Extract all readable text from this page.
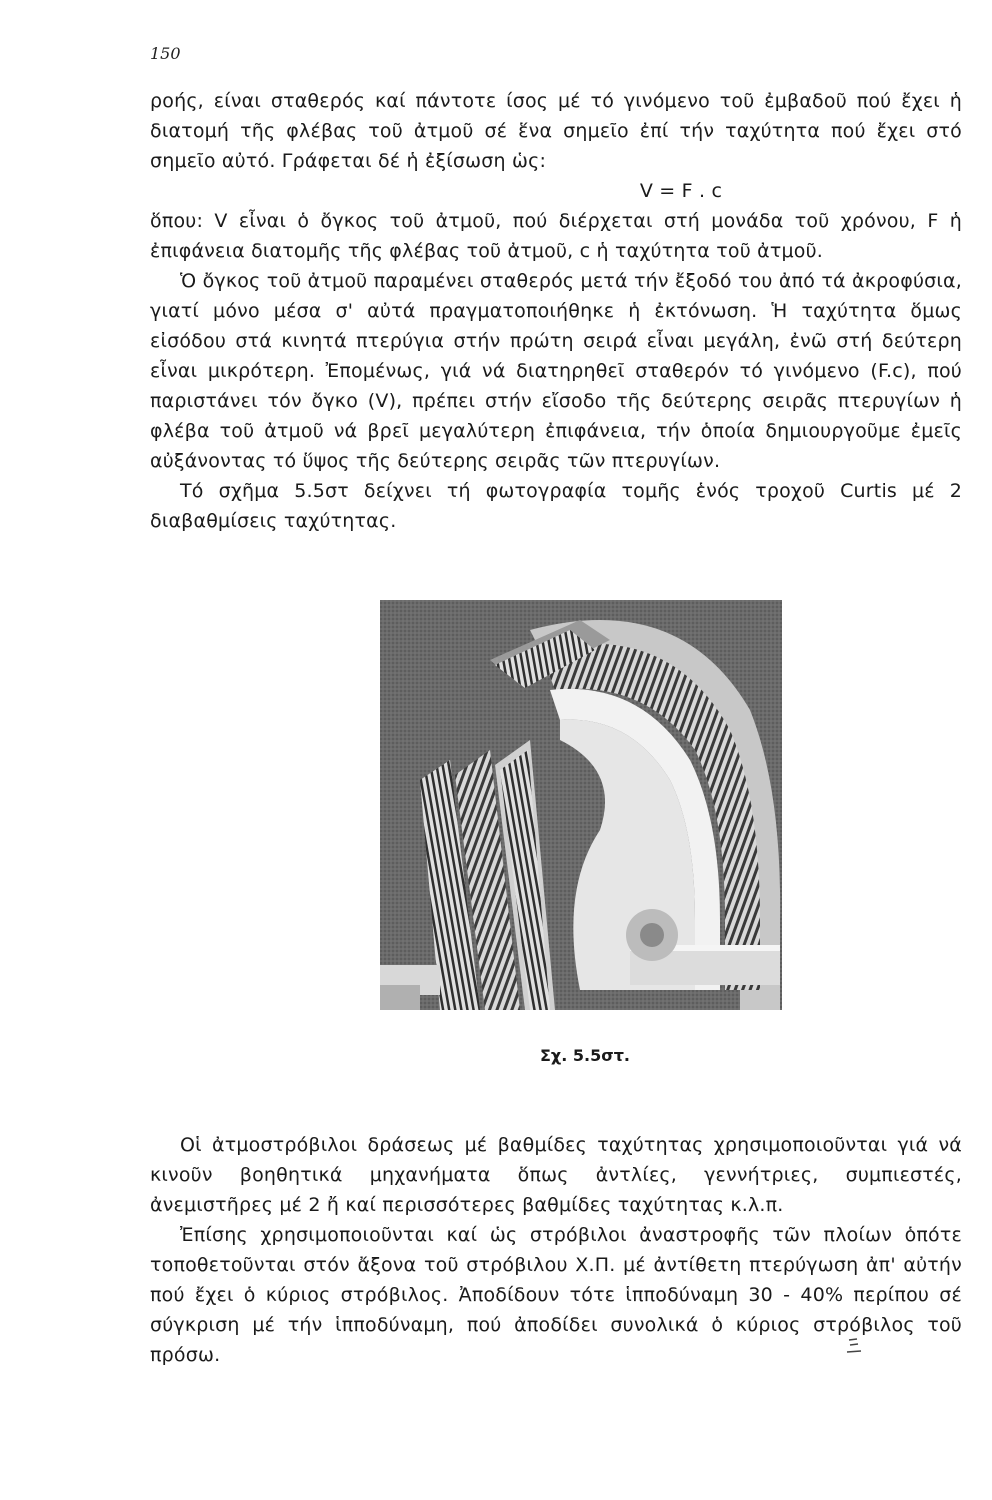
150

ροής, είναι σταθερός καί πάντοτε ίσος μέ τό γινόμενο τοῦ ἐμβαδοῦ πού ἔχει ἡ διατομή τῆς φλέβας τοῦ ἀτμοῦ σέ ἕνα σημεῖο ἐπί τήν ταχύτητα πού ἔχει στό σημεῖο αὐτό. Γράφεται δέ ἡ ἐξίσωση ὡς:

V = F . c

ὅπου: V εἶναι ὁ ὄγκος τοῦ ἀτμοῦ, πού διέρχεται στή μονάδα τοῦ χρόνου, F ἡ ἐπιφάνεια διατομῆς τῆς φλέβας τοῦ ἀτμοῦ, c ἡ ταχύτητα τοῦ ἀτμοῦ.

Ὁ ὄγκος τοῦ ἀτμοῦ παραμένει σταθερός μετά τήν ἔξοδό του ἀπό τά ἀκροφύσια, γιατί μόνο μέσα σ' αὐτά πραγματοποιήθηκε ἡ ἐκτόνωση. Ἡ ταχύτητα ὅμως εἰσόδου στά κινητά πτερύγια στήν πρώτη σειρά εἶναι μεγάλη, ἐνῶ στή δεύτερη εἶναι μικρότερη. Ἐπομένως, γιά νά διατηρηθεῖ σταθερόν τό γινόμενο (F.c), πού παριστάνει τόν ὄγκο (V), πρέπει στήν εἴσοδο τῆς δεύτερης σειρᾶς πτερυγίων ἡ φλέβα τοῦ ἀτμοῦ νά βρεῖ μεγαλύτερη ἐπιφάνεια, τήν ὁποία δημιουργοῦμε ἐμεῖς αὐξάνοντας τό ὕψος τῆς δεύτερης σειρᾶς τῶν πτερυγίων.

Τό σχῆμα 5.5στ δείχνει τή φωτογραφία τομῆς ἑνός τροχοῦ Curtis μέ 2 διαβαθμίσεις ταχύτητας.

Σχ. 5.5στ.

Οἱ ἀτμοστρόβιλοι δράσεως μέ βαθμίδες ταχύτητας χρησιμοποιοῦνται γιά νά κινοῦν βοηθητικά μηχανήματα ὅπως ἀντλίες, γεννήτριες, συμπιεστές, ἀνεμιστῆρες μέ 2 ἤ καί περισσότερες βαθμίδες ταχύτητας κ.λ.π.

Ἐπίσης χρησιμοποιοῦνται καί ὡς στρόβιλοι ἀναστροφῆς τῶν πλοίων ὁπότε τοποθετοῦνται στόν ἄξονα τοῦ στρόβιλου Χ.Π. μέ ἀντίθετη πτερύγωση ἀπ' αὐτήν πού ἔχει ὁ κύριος στρόβιλος. Ἀποδίδουν τότε ἱπποδύναμη 30 - 40% περίπου σέ σύγκριση μέ τήν ἱπποδύναμη, πού ἀποδίδει συνολικά ὁ κύριος στρόβιλος τοῦ πρόσω.
